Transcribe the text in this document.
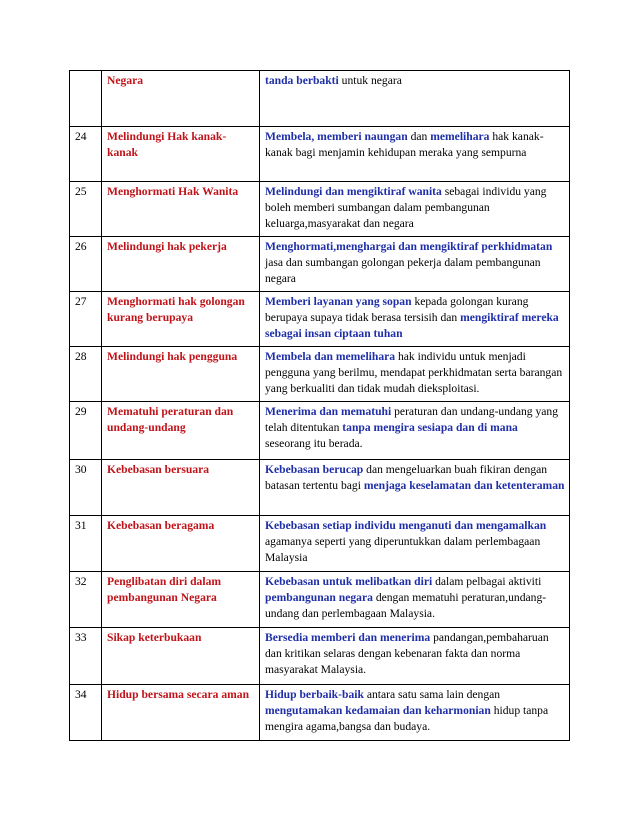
	Negara	tanda berbakti untuk negara
24	Melindungi Hak kanak-kanak	Membela, memberi naungan dan memelihara hak kanak-kanak bagi menjamin kehidupan meraka yang sempurna
25	Menghormati Hak Wanita	Melindungi dan mengiktiraf wanita sebagai individu yang boleh memberi sumbangan dalam pembangunan keluarga,masyarakat dan negara
26	Melindungi hak pekerja	Menghormati,menghargai dan mengiktiraf perkhidmatan jasa dan sumbangan golongan pekerja dalam pembangunan negara
27	Menghormati hak golongan kurang berupaya	Memberi layanan yang sopan kepada golongan kurang berupaya supaya tidak berasa tersisih dan mengiktiraf mereka sebagai insan ciptaan tuhan
28	Melindungi hak pengguna	Membela dan memelihara hak individu untuk menjadi pengguna yang berilmu, mendapat perkhidmatan serta barangan yang berkualiti dan tidak mudah dieksploitasi.
29	Mematuhi peraturan dan undang-undang	Menerima dan mematuhi peraturan dan undang-undang yang telah ditentukan tanpa mengira sesiapa dan di mana seseorang itu berada.
30	Kebebasan bersuara	Kebebasan berucap dan mengeluarkan buah fikiran dengan batasan tertentu bagi menjaga keselamatan dan ketenteraman
31	Kebebasan beragama	Kebebasan setiap individu menganuti dan mengamalkan agamanya seperti yang diperuntukkan dalam perlembagaan Malaysia
32	Penglibatan diri dalam pembangunan Negara	Kebebasan untuk melibatkan diri dalam pelbagai aktiviti pembangunan negara dengan mematuhi peraturan,undang-undang dan perlembagaan Malaysia.
33	Sikap keterbukaan	Bersedia memberi dan menerima pandangan,pembaharuan dan kritikan selaras dengan kebenaran fakta dan norma masyarakat Malaysia.
34	Hidup bersama secara aman	Hidup berbaik-baik antara satu sama lain dengan mengutamakan kedamaian dan keharmonian hidup tanpa mengira agama,bangsa dan budaya.
